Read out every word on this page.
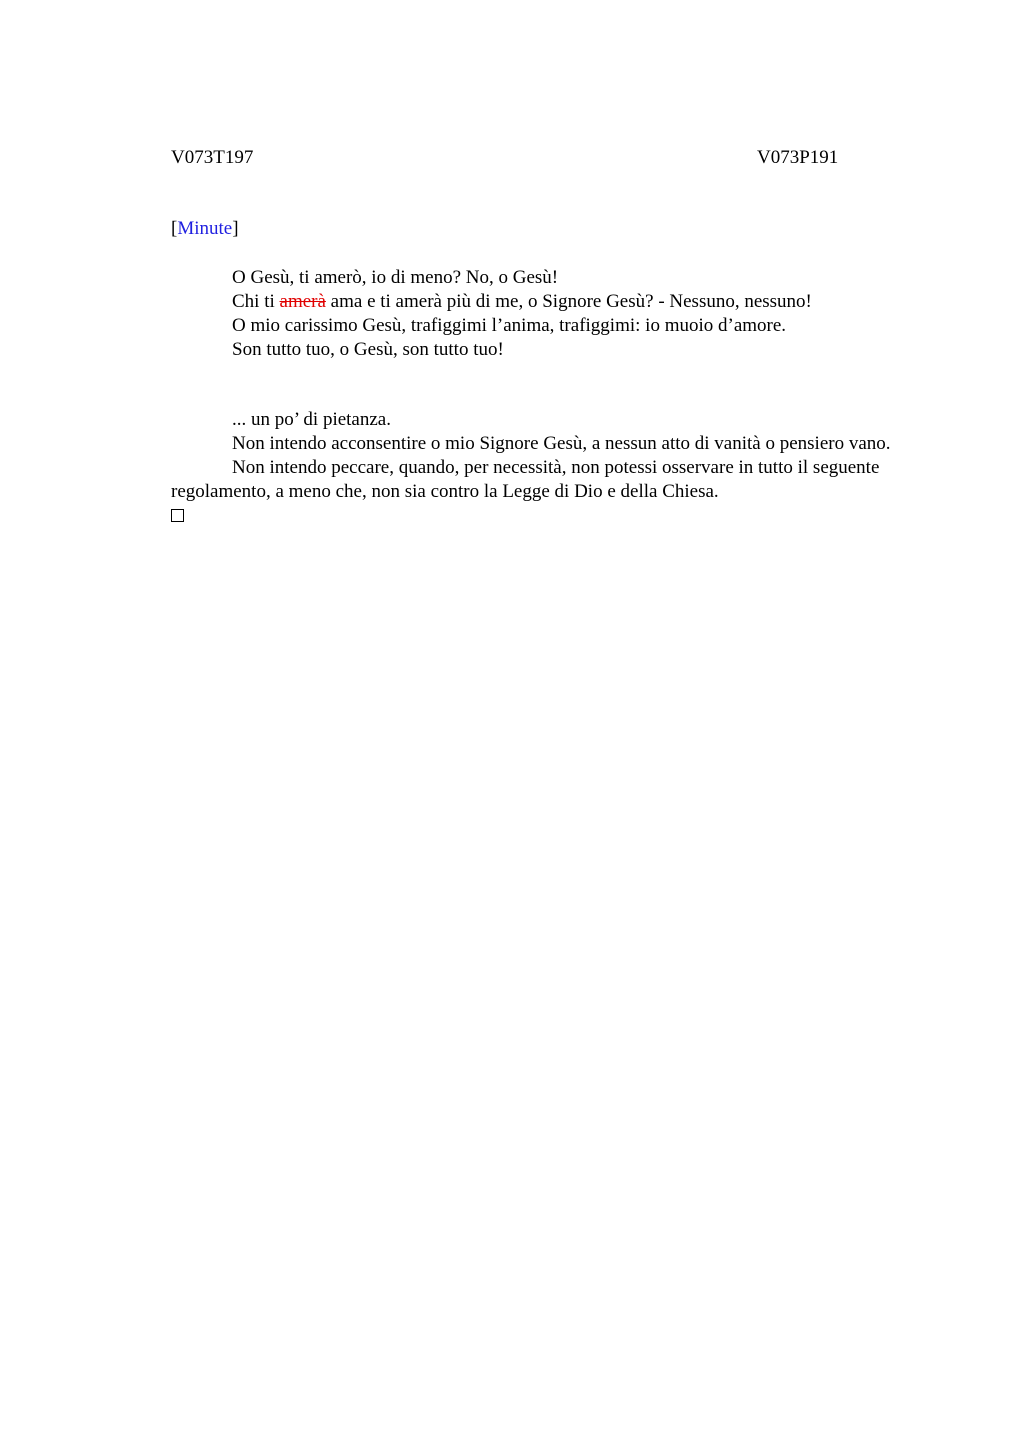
V073T197	V073P191
[Minute]
O Gesù, ti amerò, io di meno? No, o Gesù!
Chi ti amerà ama e ti amerà più di me, o Signore Gesù? - Nessuno, nessuno!
O mio carissimo Gesù, trafiggimi l’anima, trafiggimi: io muoio d’amore.
Son tutto tuo, o Gesù, son tutto tuo!
... un po’ di pietanza.
Non intendo acconsentire o mio Signore Gesù, a nessun atto di vanità o pensiero vano.
Non intendo peccare, quando, per necessità, non potessi osservare in tutto il seguente regolamento, a meno che, non sia contro la Legge di Dio e della Chiesa.
